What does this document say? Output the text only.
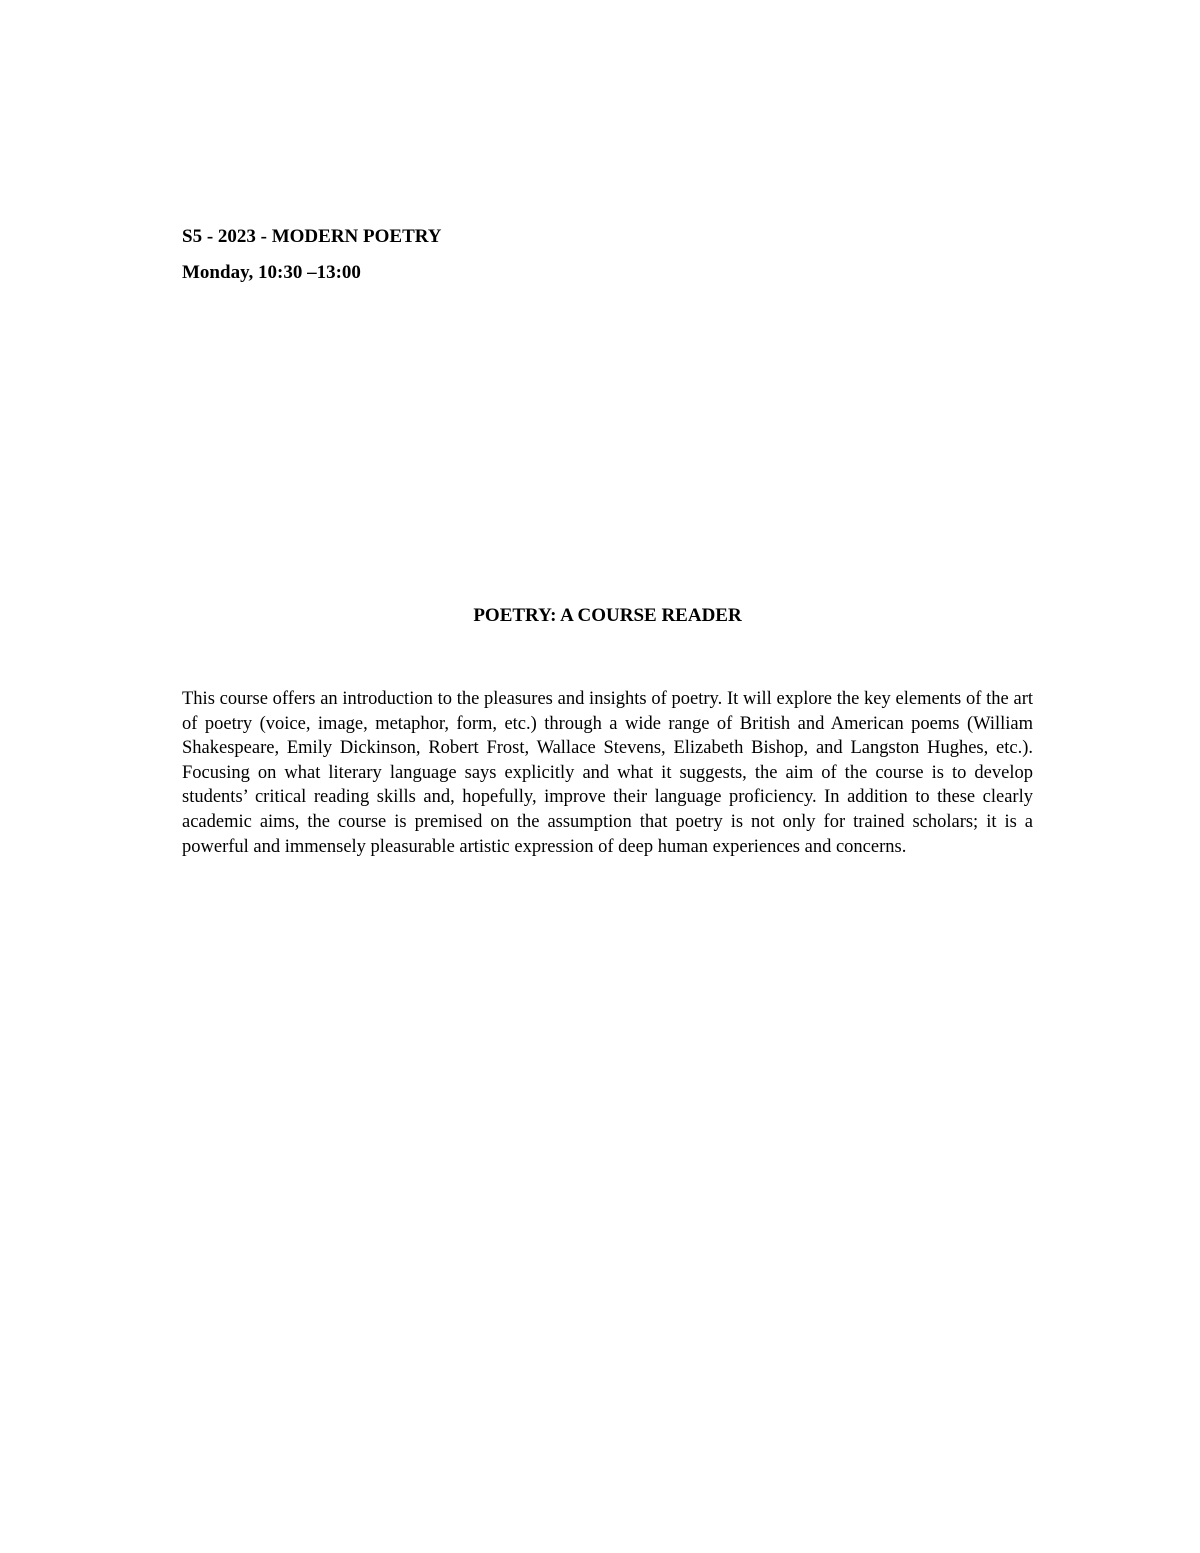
S5 - 2023 - MODERN POETRY

Monday, 10:30 –13:00

POETRY: A COURSE READER

This course offers an introduction to the pleasures and insights of poetry. It will explore the key elements of the art of poetry (voice, image, metaphor, form, etc.) through a wide range of British and American poems (William Shakespeare, Emily Dickinson, Robert Frost, Wallace Stevens, Elizabeth Bishop, and Langston Hughes, etc.). Focusing on what literary language says explicitly and what it suggests, the aim of the course is to develop students’ critical reading skills and, hopefully, improve their language proficiency. In addition to these clearly academic aims, the course is premised on the assumption that poetry is not only for trained scholars; it is a powerful and immensely pleasurable artistic expression of deep human experiences and concerns.
